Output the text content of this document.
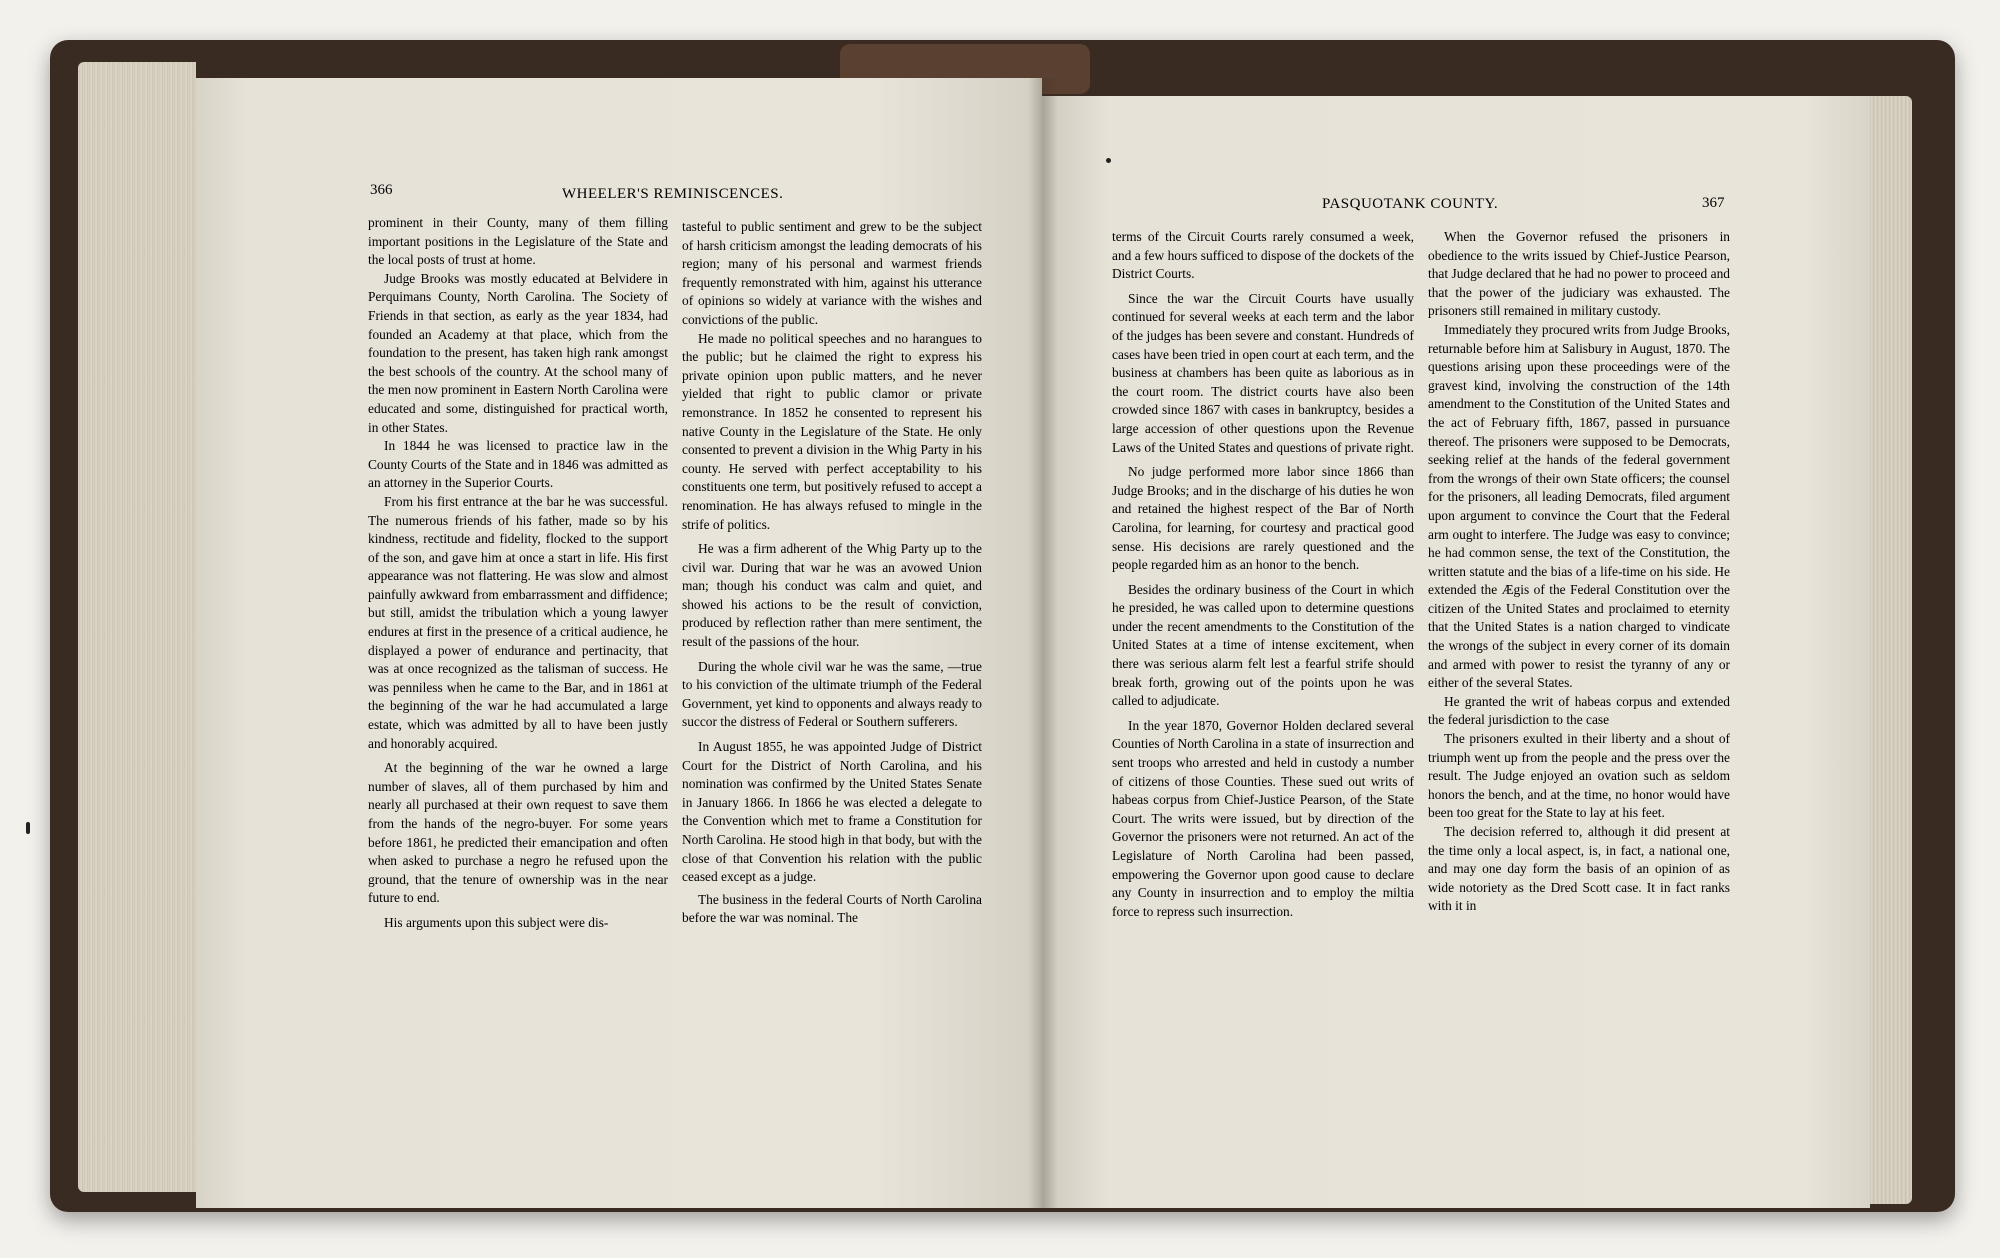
366	WHEELER'S REMINISCENCES.

prominent in their County, many of them filling important positions in the Legislature of the State and the local posts of trust at home.

Judge Brooks was mostly educated at Belvidere in Perquimans County, North Carolina. The Society of Friends in that section, as early as the year 1834, had founded an Academy at that place, which from the foundation to the present, has taken high rank amongst the best schools of the country. At the school many of the men now prominent in Eastern North Carolina were educated and some, distinguished for practical worth, in other States.

In 1844 he was licensed to practice law in the County Courts of the State and in 1846 was admitted as an attorney in the Superior Courts.

From his first entrance at the bar he was successful. The numerous friends of his father, made so by his kindness, rectitude and fidelity, flocked to the support of the son, and gave him at once a start in life. His first appearance was not flattering. He was slow and almost painfully awkward from embarrassment and diffidence; but still, amidst the tribulation which a young lawyer endures at first in the presence of a critical audience, he displayed a power of endurance and pertinacity, that was at once recognized as the talisman of success. He was penniless when he came to the Bar, and in 1861 at the beginning of the war he had accumulated a large estate, which was admitted by all to have been justly and honorably acquired.

At the beginning of the war he owned a large number of slaves, all of them purchased by him and nearly all purchased at their own request to save them from the hands of the negro-buyer. For some years before 1861, he predicted their emancipation and often when asked to purchase a negro he refused upon the ground, that the tenure of ownership was in the near future to end.

His arguments upon this subject were dis-

tasteful to public sentiment and grew to be the subject of harsh criticism amongst the leading democrats of his region; many of his personal and warmest friends frequently remonstrated with him, against his utterance of opinions so widely at variance with the wishes and convictions of the public.

He made no political speeches and no harangues to the public; but he claimed the right to express his private opinion upon public matters, and he never yielded that right to public clamor or private remonstrance. In 1852 he consented to represent his native County in the Legislature of the State. He only consented to prevent a division in the Whig Party in his county. He served with perfect acceptability to his constituents one term, but positively refused to accept a renomination. He has always refused to mingle in the strife of politics.

He was a firm adherent of the Whig Party up to the civil war. During that war he was an avowed Union man; though his conduct was calm and quiet, and showed his actions to be the result of conviction, produced by reflection rather than mere sentiment, the result of the passions of the hour.

During the whole civil war he was the same, —true to his conviction of the ultimate triumph of the Federal Government, yet kind to opponents and always ready to succor the distress of Federal or Southern sufferers.

In August 1855, he was appointed Judge of District Court for the District of North Carolina, and his nomination was confirmed by the United States Senate in January 1866. In 1866 he was elected a delegate to the Convention which met to frame a Constitution for North Carolina. He stood high in that body, but with the close of that Convention his relation with the public ceased except as a judge.

The business in the federal Courts of North Carolina before the war was nominal. The

PASQUOTANK COUNTY.	367

terms of the Circuit Courts rarely consumed a week, and a few hours sufficed to dispose of the dockets of the District Courts.

Since the war the Circuit Courts have usually continued for several weeks at each term and the labor of the judges has been severe and constant. Hundreds of cases have been tried in open court at each term, and the business at chambers has been quite as laborious as in the court room. The district courts have also been crowded since 1867 with cases in bankruptcy, besides a large accession of other questions upon the Revenue Laws of the United States and questions of private right.

No judge performed more labor since 1866 than Judge Brooks; and in the discharge of his duties he won and retained the highest respect of the Bar of North Carolina, for learning, for courtesy and practical good sense. His decisions are rarely questioned and the people regarded him as an honor to the bench.

Besides the ordinary business of the Court in which he presided, he was called upon to determine questions under the recent amendments to the Constitution of the United States at a time of intense excitement, when there was serious alarm felt lest a fearful strife should break forth, growing out of the points upon he was called to adjudicate.

In the year 1870, Governor Holden declared several Counties of North Carolina in a state of insurrection and sent troops who arrested and held in custody a number of citizens of those Counties. These sued out writs of habeas corpus from Chief-Justice Pearson, of the State Court. The writs were issued, but by direction of the Governor the prisoners were not returned. An act of the Legislature of North Carolina had been passed, empowering the Governor upon good cause to declare any County in insurrection and to employ the miltia force to repress such insurrection.

When the Governor refused the prisoners in obedience to the writs issued by Chief-Justice Pearson, that Judge declared that he had no power to proceed and that the power of the judiciary was exhausted. The prisoners still remained in military custody.

Immediately they procured writs from Judge Brooks, returnable before him at Salisbury in August, 1870. The questions arising upon these proceedings were of the gravest kind, involving the construction of the 14th amendment to the Constitution of the United States and the act of February fifth, 1867, passed in pursuance thereof. The prisoners were supposed to be Democrats, seeking relief at the hands of the federal government from the wrongs of their own State officers; the counsel for the prisoners, all leading Democrats, filed argument upon argument to convince the Court that the Federal arm ought to interfere. The Judge was easy to convince; he had common sense, the text of the Constitution, the written statute and the bias of a life-time on his side. He extended the Ægis of the Federal Constitution over the citizen of the United States and proclaimed to eternity that the United States is a nation charged to vindicate the wrongs of the subject in every corner of its domain and armed with power to resist the tyranny of any or either of the several States.

He granted the writ of habeas corpus and extended the federal jurisdiction to the case

The prisoners exulted in their liberty and a shout of triumph went up from the people and the press over the result. The Judge enjoyed an ovation such as seldom honors the bench, and at the time, no honor would have been too great for the State to lay at his feet.

The decision referred to, although it did present at the time only a local aspect, is, in fact, a national one, and may one day form the basis of an opinion of as wide notoriety as the Dred Scott case. It in fact ranks with it in
